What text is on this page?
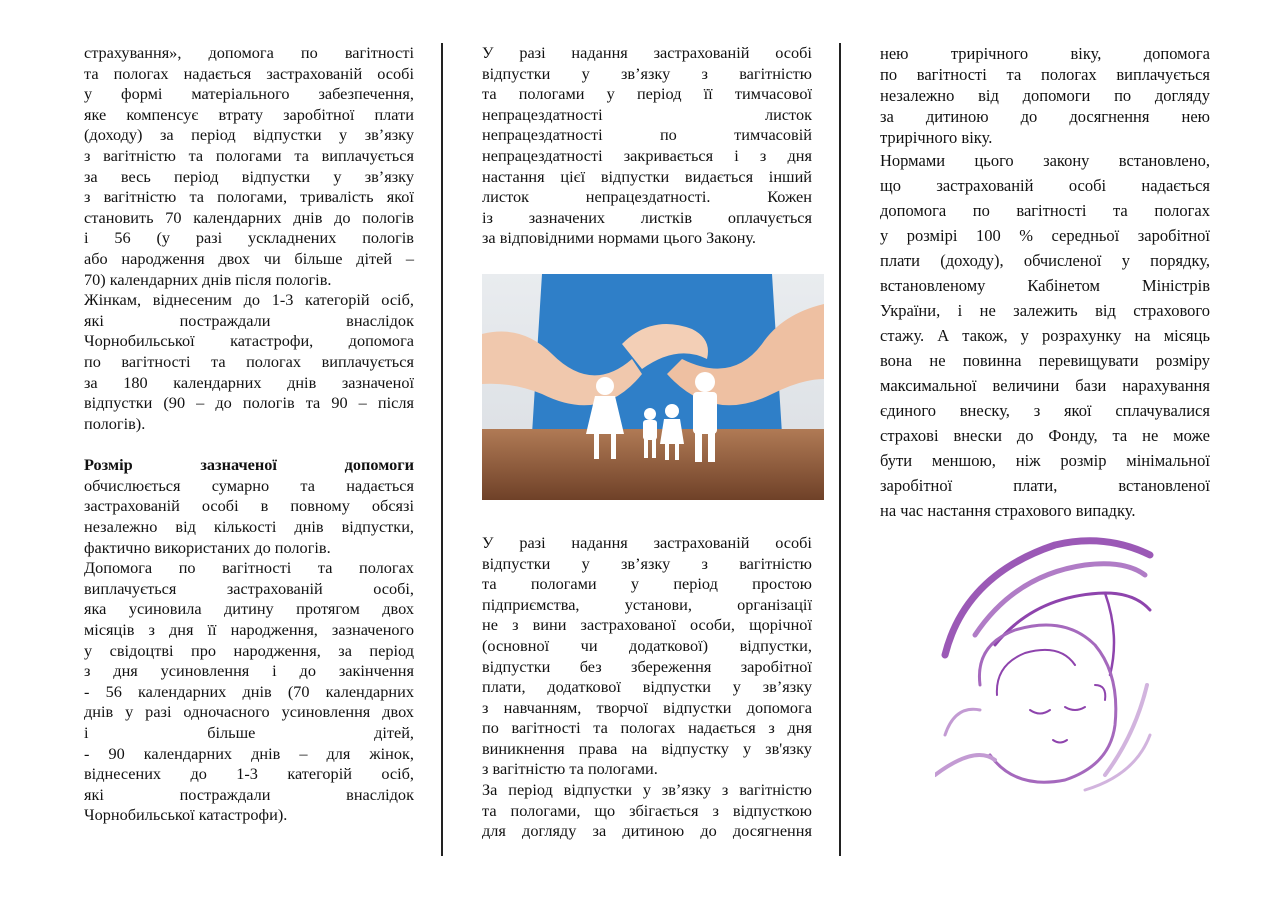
страхування», допомога по вагітності
та пологах надається застрахованій особі
у формі матеріального забезпечення,
яке компенсує втрату заробітної плати
(доходу) за період відпустки у зв’язку
з вагітністю та пологами та виплачується
за весь період відпустки у зв’язку
з вагітністю та пологами, тривалість якої
становить 70 календарних днів до пологів
і 56 (у разі ускладнених пологів
або народження двох чи більше дітей –
70) календарних днів після пологів.
Жінкам, віднесеним до 1-3 категорій осіб,
які	постраждали	внаслідок
Чорнобильської катастрофи, допомога
по вагітності та пологах виплачується
за 180 календарних днів зазначеної
відпустки (90 – до пологів та 90 – після
пологів).
Розмір	зазначеної	допомоги
обчислюється сумарно та надається
застрахованій особі в повному обсязі
незалежно від кількості днів відпустки,
фактично використаних до пологів.
Допомога по вагітності та пологах
виплачується	застрахованій	особі,
яка усиновила дитину протягом двох
місяців з дня її народження, зазначеного
у свідоцтві про народження, за період
з дня усиновлення і до закінчення
- 56 календарних днів (70 календарних
днів у разі одночасного усиновлення двох
і	більше	дітей,
- 90 календарних днів – для жінок,
віднесених до 1-3 категорій осіб,
які	постраждали	внаслідок
Чорнобильської катастрофи).
У разі надання застрахованій особі
відпустки у зв’язку з вагітністю
та пологами у період її тимчасової
непрацездатності	листок
непрацездатності	по	тимчасовій
непрацездатності закривається і з дня
настання цієї відпустки видається інший
листок	непрацездатності.	Кожен
із зазначених листків оплачується
за відповідними нормами цього Закону.
У разі надання застрахованій особі
відпустки у зв’язку з вагітністю
та пологами у період простою
підприємства,	установи,	організації
не з вини застрахованої особи, щорічної
(основної чи додаткової) відпустки,
відпустки без збереження заробітної
плати, додаткової відпустки у зв’язку
з навчанням, творчої відпустки допомога
по вагітності та пологах надається з дня
виникнення права на відпустку у зв'язку
з вагітністю та пологами.
За період відпустки у зв’язку з вагітністю
та пологами, що збігається з відпусткою
для догляду за дитиною до досягнення
нею	трирічного	віку,	допомога
по вагітності та пологах виплачується
незалежно від допомоги по догляду
за дитиною до досягнення нею
трирічного віку.
Нормами цього закону встановлено,
що застрахованій особі надається
допомога по вагітності та пологах
у розмірі 100 % середньої заробітної
плати (доходу), обчисленої у порядку,
встановленому	Кабінетом	Міністрів
України, і не залежить від страхового
стажу. А також, у розрахунку на місяць
вона не повинна перевищувати розміру
максимальної величини бази нарахування
єдиного внеску, з якої сплачувалися
страхові внески до Фонду, та не може
бути меншою, ніж розмір мінімальної
заробітної	плати,	встановленої
на час настання страхового випадку.
